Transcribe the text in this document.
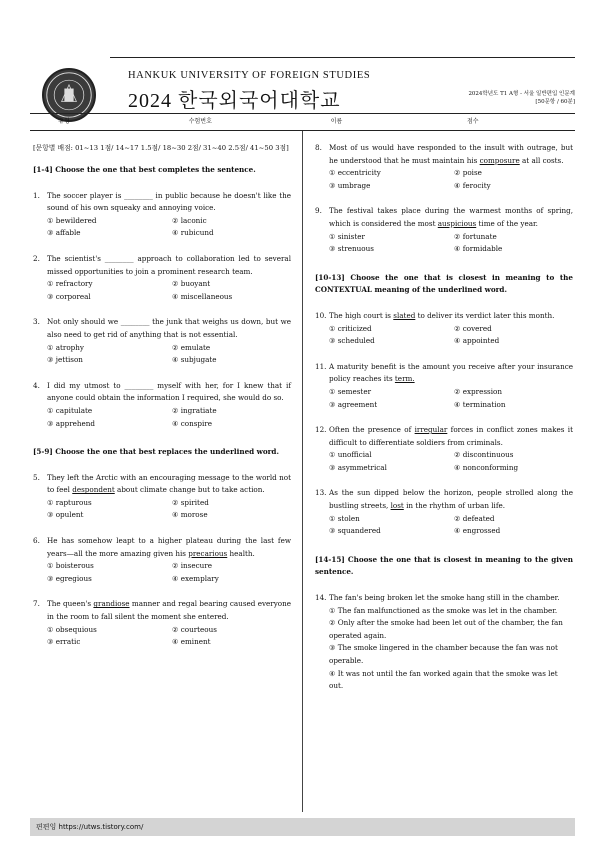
HANKUK UNIVERSITY OF FOREIGN STUDIES
2024 한국외국어대학교	2024학년도 T1 A형 - 서울 일반편입 인문계
[50문항 / 60분]
유형	수험번호	이름	점수
[문항별 배점: 01~13 1점/ 14~17 1.5점/ 18~30 2점/ 31~40 2.5점/ 41~50 3점]
[1-4] Choose the one that best completes the sentence.
1. The soccer player is ________ in public because he doesn't like the sound of his own squeaky and annoying voice.
① bewildered	② laconic
③ affable	④ rubicund
2. The scientist's ________ approach to collaboration led to several missed opportunities to join a prominent research team.
① refractory	② buoyant
③ corporeal	④ miscellaneous
3. Not only should we ________ the junk that weighs us down, but we also need to get rid of anything that is not essential.
① atrophy	② emulate
③ jettison	④ subjugate
4. I did my utmost to ________ myself with her, for I knew that if anyone could obtain the information I required, she would do so.
① capitulate	② ingratiate
③ apprehend	④ conspire
[5-9] Choose the one that best replaces the underlined word.
5. They left the Arctic with an encouraging message to the world not to feel despondent about climate change but to take action.
① rapturous	② spirited
③ opulent	④ morose
6. He has somehow leapt to a higher plateau during the last few years—all the more amazing given his precarious health.
① boisterous	② insecure
③ egregious	④ exemplary
7. The queen's grandiose manner and regal bearing caused everyone in the room to fall silent the moment she entered.
① obsequious	② courteous
③ erratic	④ eminent
8. Most of us would have responded to the insult with outrage, but he understood that he must maintain his composure at all costs.
① eccentricity	② poise
③ umbrage	④ ferocity
9. The festival takes place during the warmest months of spring, which is considered the most auspicious time of the year.
① sinister	② fortunate
③ strenuous	④ formidable
[10-13] Choose the one that is closest in meaning to the CONTEXTUAL meaning of the underlined word.
10. The high court is slated to deliver its verdict later this month.
① criticized	② covered
③ scheduled	④ appointed
11. A maturity benefit is the amount you receive after your insurance policy reaches its term.
① semester	② expression
③ agreement	④ termination
12. Often the presence of irregular forces in conflict zones makes it difficult to differentiate soldiers from criminals.
① unofficial	② discontinuous
③ asymmetrical	④ nonconforming
13. As the sun dipped below the horizon, people strolled along the bustling streets, lost in the rhythm of urban life.
① stolen	② defeated
③ squandered	④ engrossed
[14-15] Choose the one that is closest in meaning to the given sentence.
14. The fan's being broken let the smoke hang still in the chamber.
① The fan malfunctioned as the smoke was let in the chamber.
② Only after the smoke had been let out of the chamber, the fan operated again.
③ The smoke lingered in the chamber because the fan was not operable.
④ It was not until the fan worked again that the smoke was let out.
편편잉 https://utws.tistory.com/
